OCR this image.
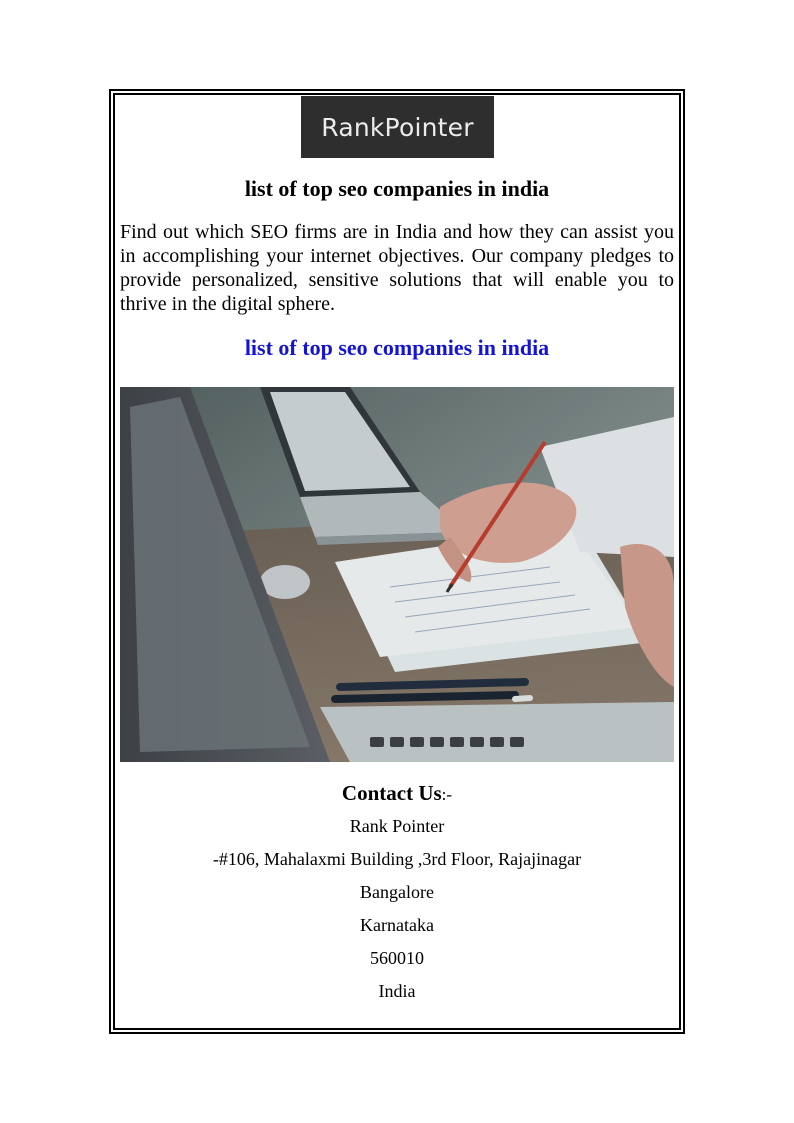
RankPointer
list of top seo companies in india

Find out which SEO firms are in India and how they can assist you in accomplishing your internet objectives. Our company pledges to provide personalized, sensitive solutions that will enable you to thrive in the digital sphere.

list of top seo companies in india
Contact Us:-
Rank Pointer
-#106, Mahalaxmi Building ,3rd Floor, Rajajinagar
Bangalore
Karnataka
560010
India
